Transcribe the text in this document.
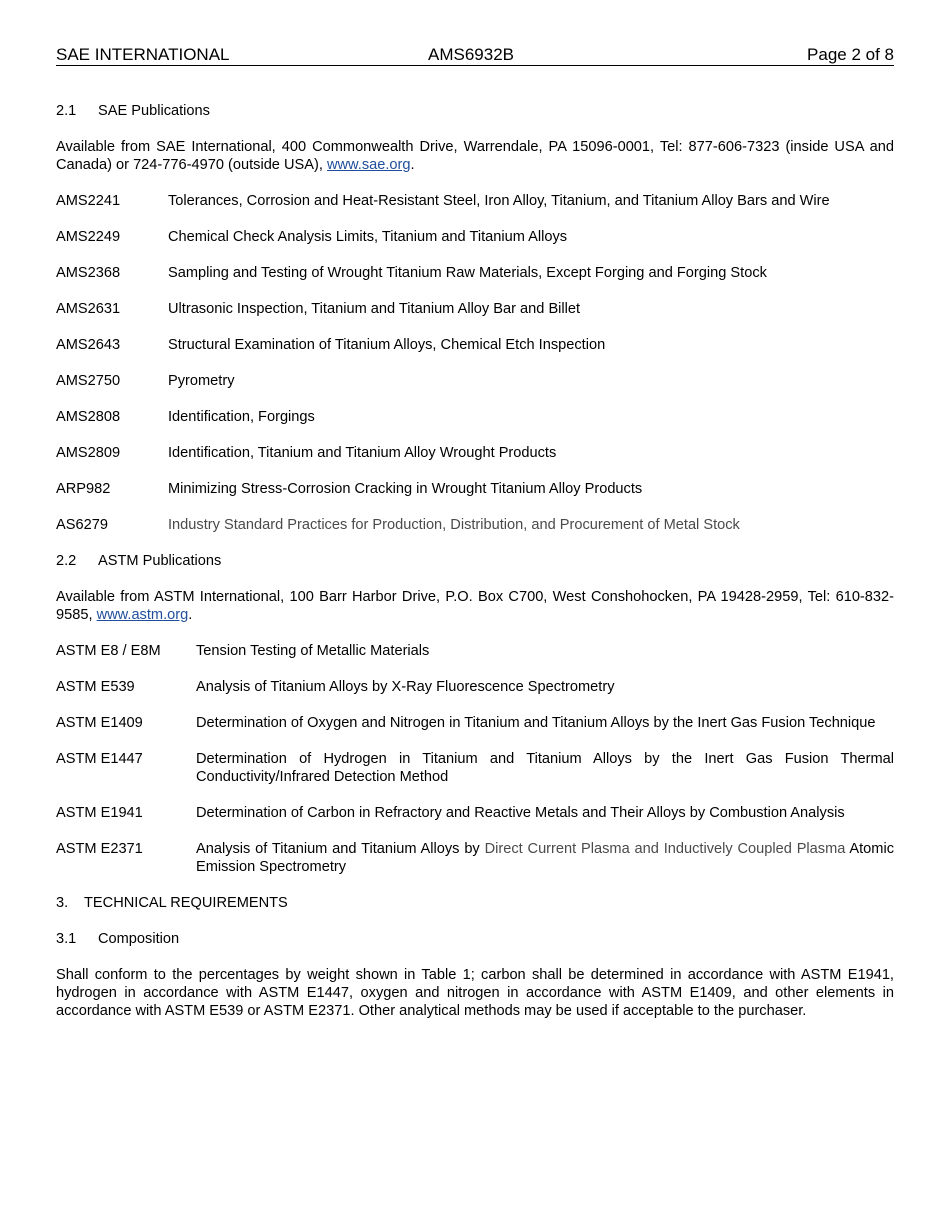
SAE INTERNATIONAL	AMS6932B	Page 2 of 8
2.1 SAE Publications
Available from SAE International, 400 Commonwealth Drive, Warrendale, PA 15096-0001, Tel: 877-606-7323 (inside USA and Canada) or 724-776-4970 (outside USA), www.sae.org.
AMS2241	Tolerances, Corrosion and Heat-Resistant Steel, Iron Alloy, Titanium, and Titanium Alloy Bars and Wire
AMS2249	Chemical Check Analysis Limits, Titanium and Titanium Alloys
AMS2368	Sampling and Testing of Wrought Titanium Raw Materials, Except Forging and Forging Stock
AMS2631	Ultrasonic Inspection, Titanium and Titanium Alloy Bar and Billet
AMS2643	Structural Examination of Titanium Alloys, Chemical Etch Inspection
AMS2750	Pyrometry
AMS2808	Identification, Forgings
AMS2809	Identification, Titanium and Titanium Alloy Wrought Products
ARP982	Minimizing Stress-Corrosion Cracking in Wrought Titanium Alloy Products
AS6279	Industry Standard Practices for Production, Distribution, and Procurement of Metal Stock
2.2 ASTM Publications
Available from ASTM International, 100 Barr Harbor Drive, P.O. Box C700, West Conshohocken, PA 19428-2959, Tel: 610-832-9585, www.astm.org.
ASTM E8 / E8M	Tension Testing of Metallic Materials
ASTM E539	Analysis of Titanium Alloys by X-Ray Fluorescence Spectrometry
ASTM E1409	Determination of Oxygen and Nitrogen in Titanium and Titanium Alloys by the Inert Gas Fusion Technique
ASTM E1447	Determination of Hydrogen in Titanium and Titanium Alloys by the Inert Gas Fusion Thermal Conductivity/Infrared Detection Method
ASTM E1941	Determination of Carbon in Refractory and Reactive Metals and Their Alloys by Combustion Analysis
ASTM E2371	Analysis of Titanium and Titanium Alloys by Direct Current Plasma and Inductively Coupled Plasma Atomic Emission Spectrometry
3. TECHNICAL REQUIREMENTS
3.1 Composition
Shall conform to the percentages by weight shown in Table 1; carbon shall be determined in accordance with ASTM E1941, hydrogen in accordance with ASTM E1447, oxygen and nitrogen in accordance with ASTM E1409, and other elements in accordance with ASTM E539 or ASTM E2371. Other analytical methods may be used if acceptable to the purchaser.
